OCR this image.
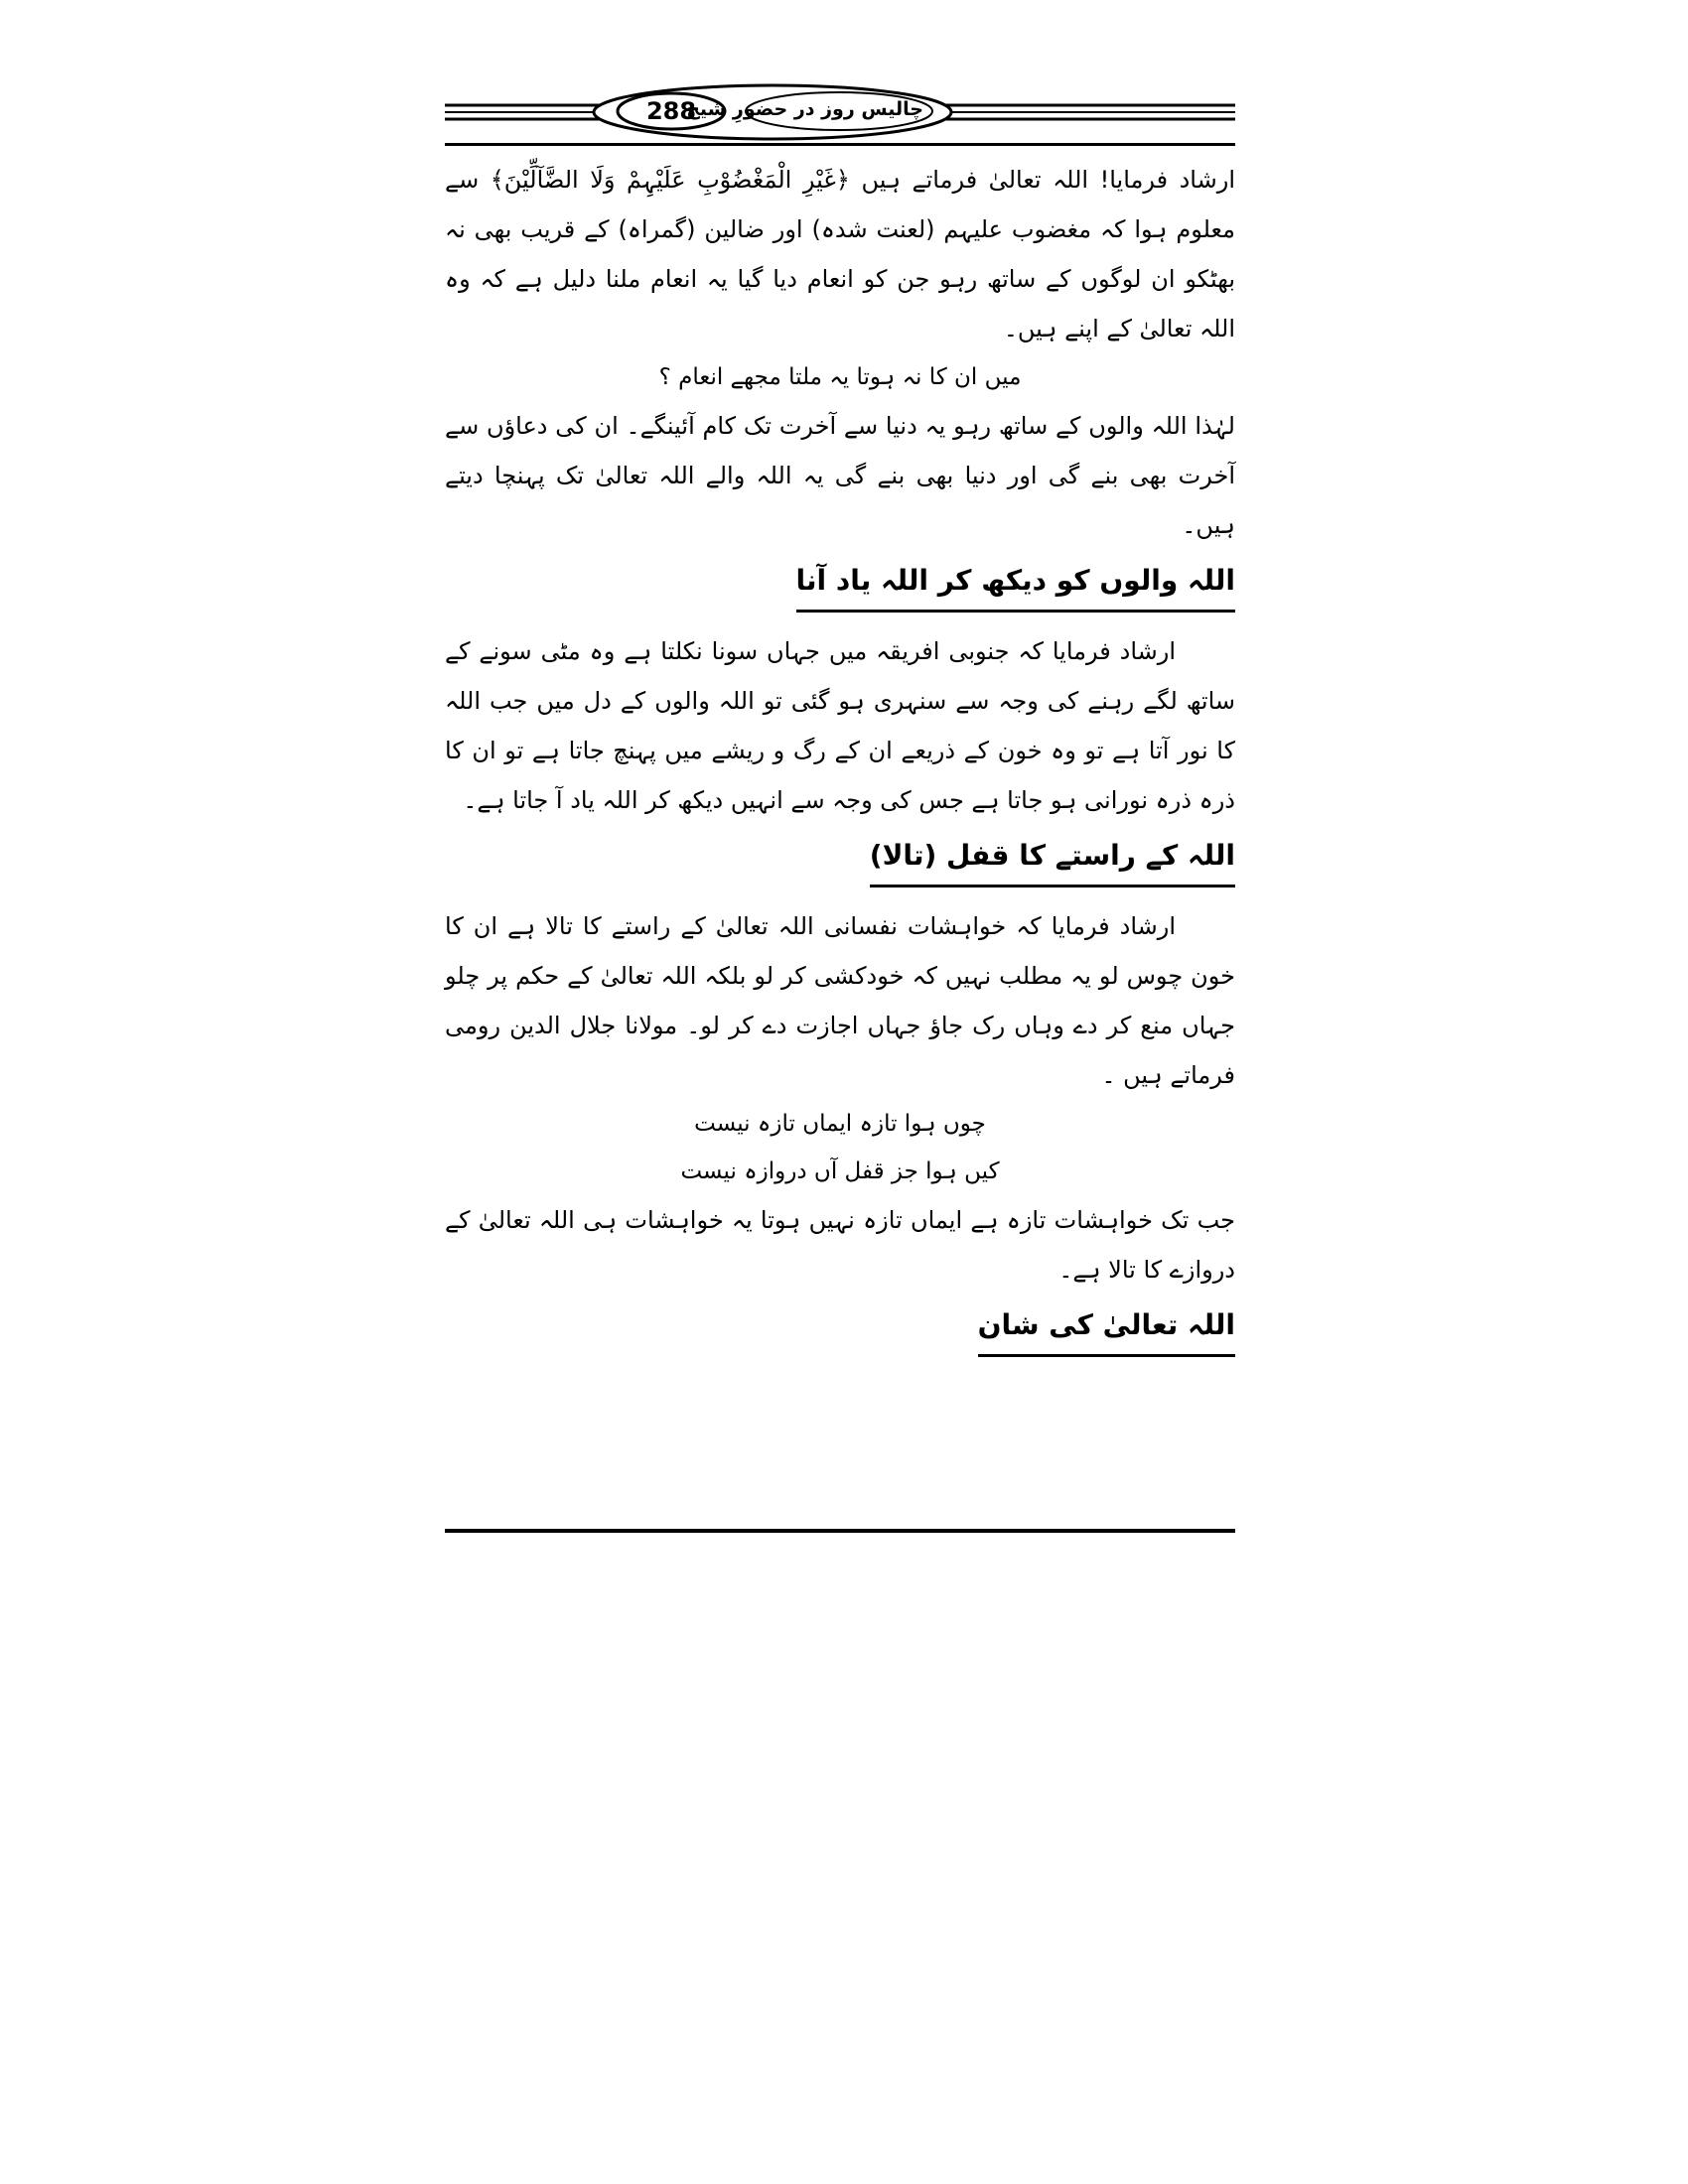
288
چالیس روز در حضورِ شیخ

ارشاد فرمایا! اللہ تعالیٰ فرماتے ہیں ﴿غَیْرِ الْمَغْضُوْبِ عَلَیْہِمْ وَلَا الضَّآلِّیْنَ﴾ سے معلوم ہوا کہ مغضوب علیہم (لعنت شدہ) اور ضالین (گمراہ) کے قریب بھی نہ بھٹکو ان لوگوں کے ساتھ رہو جن کو انعام دیا گیا یہ انعام ملنا دلیل ہے کہ وہ اللہ تعالیٰ کے اپنے ہیں۔

میں ان کا نہ ہوتا یہ ملتا مجھے انعام ؟

لہٰذا اللہ والوں کے ساتھ رہو یہ دنیا سے آخرت تک کام آئینگے۔ ان کی دعاؤں سے آخرت بھی بنے گی اور دنیا بھی بنے گی یہ اللہ والے اللہ تعالیٰ تک پہنچا دیتے ہیں۔

اللہ والوں کو دیکھ کر اللہ یاد آنا

ارشاد فرمایا کہ جنوبی افریقہ میں جہاں سونا نکلتا ہے وہ مٹی سونے کے ساتھ لگے رہنے کی وجہ سے سنہری ہو گئی تو اللہ والوں کے دل میں جب اللہ کا نور آتا ہے تو وہ خون کے ذریعے ان کے رگ و ریشے میں پہنچ جاتا ہے تو ان کا ذرہ ذرہ نورانی ہو جاتا ہے جس کی وجہ سے انہیں دیکھ کر اللہ یاد آ جاتا ہے۔

اللہ کے راستے کا قفل (تالا)

ارشاد فرمایا کہ خواہشات نفسانی اللہ تعالیٰ کے راستے کا تالا ہے ان کا خون چوس لو یہ مطلب نہیں کہ خودکشی کر لو بلکہ اللہ تعالیٰ کے حکم پر چلو جہاں منع کر دے وہاں رک جاؤ جہاں اجازت دے کر لو۔ مولانا جلال الدین رومی فرماتے ہیں ۔

چوں ہوا تازہ ایماں تازہ نیست

کیں ہوا جز قفل آں دروازہ نیست

جب تک خواہشات تازہ ہے ایماں تازہ نہیں ہوتا یہ خواہشات ہی اللہ تعالیٰ کے دروازے کا تالا ہے۔

اللہ تعالیٰ کی شان
